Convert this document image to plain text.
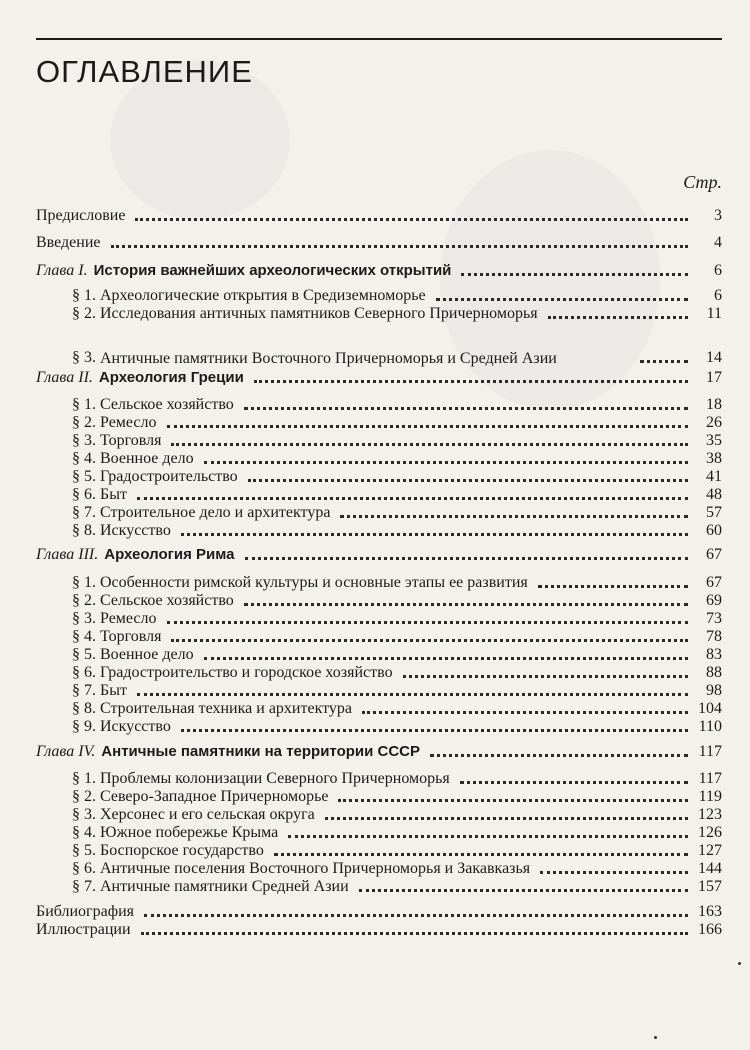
ОГЛАВЛЕНИЕ
Стр.
Предисловие	3
Введение	4
Глава I. История важнейших археологических открытий	6
§ 1. Археологические открытия в Средиземноморье	6
§ 2. Исследования античных памятников Северного Причерноморья	11
§ 3. Античные памятники Восточного Причерноморья и Средней Азии	14
Глава II. Археология Греции	17
§ 1. Сельское хозяйство	18
§ 2. Ремесло	26
§ 3. Торговля	35
§ 4. Военное дело	38
§ 5. Градостроительство	41
§ 6. Быт	48
§ 7. Строительное дело и архитектура	57
§ 8. Искусство	60
Глава III. Археология Рима	67
§ 1. Особенности римской культуры и основные этапы ее развития	67
§ 2. Сельское хозяйство	69
§ 3. Ремесло	73
§ 4. Торговля	78
§ 5. Военное дело	83
§ 6. Градостроительство и городское хозяйство	88
§ 7. Быт	98
§ 8. Строительная техника и архитектура	104
§ 9. Искусство	110
Глава IV. Античные памятники на территории СССР	117
§ 1. Проблемы колонизации Северного Причерноморья	117
§ 2. Северо-Западное Причерноморье	119
§ 3. Херсонес и его сельская округа	123
§ 4. Южное побережье Крыма	126
§ 5. Боспорское государство	127
§ 6. Античные поселения Восточного Причерноморья и Закавказья	144
§ 7. Античные памятники Средней Азии	157
Библиография	163
Иллюстрации	166
